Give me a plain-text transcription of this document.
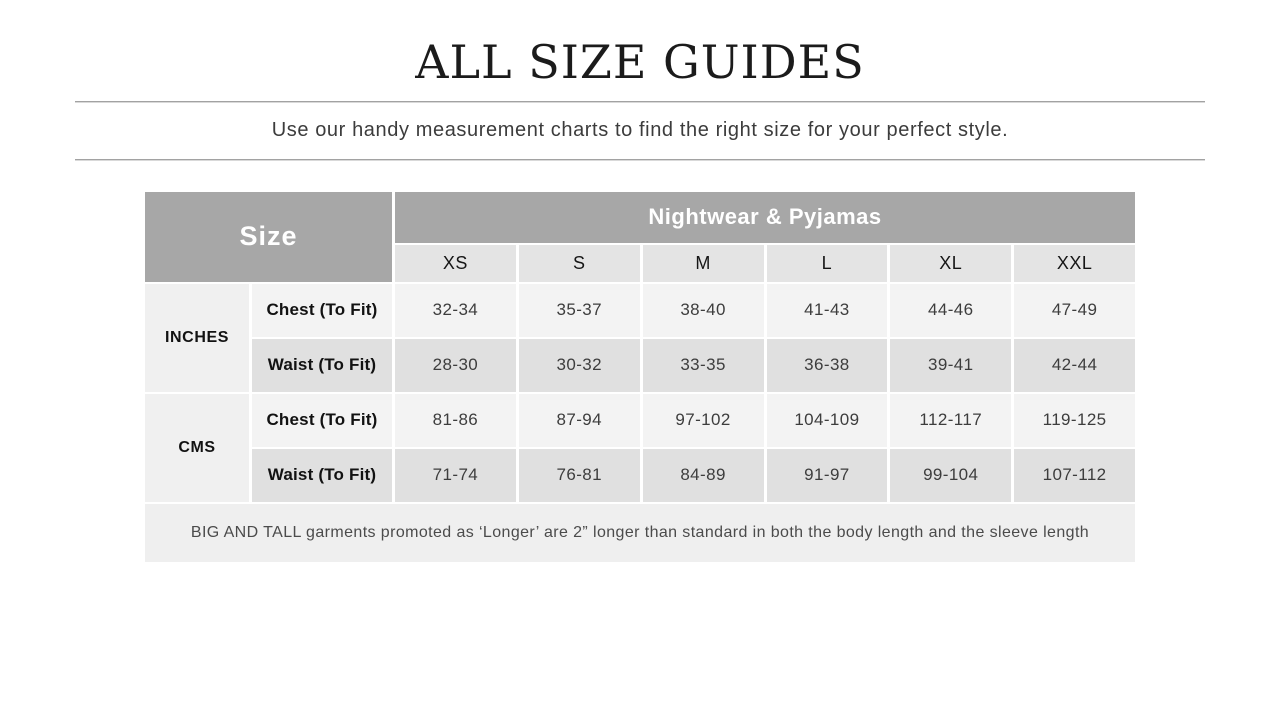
ALL SIZE GUIDES

Use our handy measurement charts to find the right size for your perfect style.

Size
Nightwear & Pyjamas
XS	S	M	L	XL	XXL
INCHES
Chest (To Fit)	32-34	35-37	38-40	41-43	44-46	47-49
Waist (To Fit)	28-30	30-32	33-35	36-38	39-41	42-44
CMS
Chest (To Fit)	81-86	87-94	97-102	104-109	112-117	119-125
Waist (To Fit)	71-74	76-81	84-89	91-97	99-104	107-112
BIG AND TALL garments promoted as ‘Longer’ are 2” longer than standard in both the body length and the sleeve length
